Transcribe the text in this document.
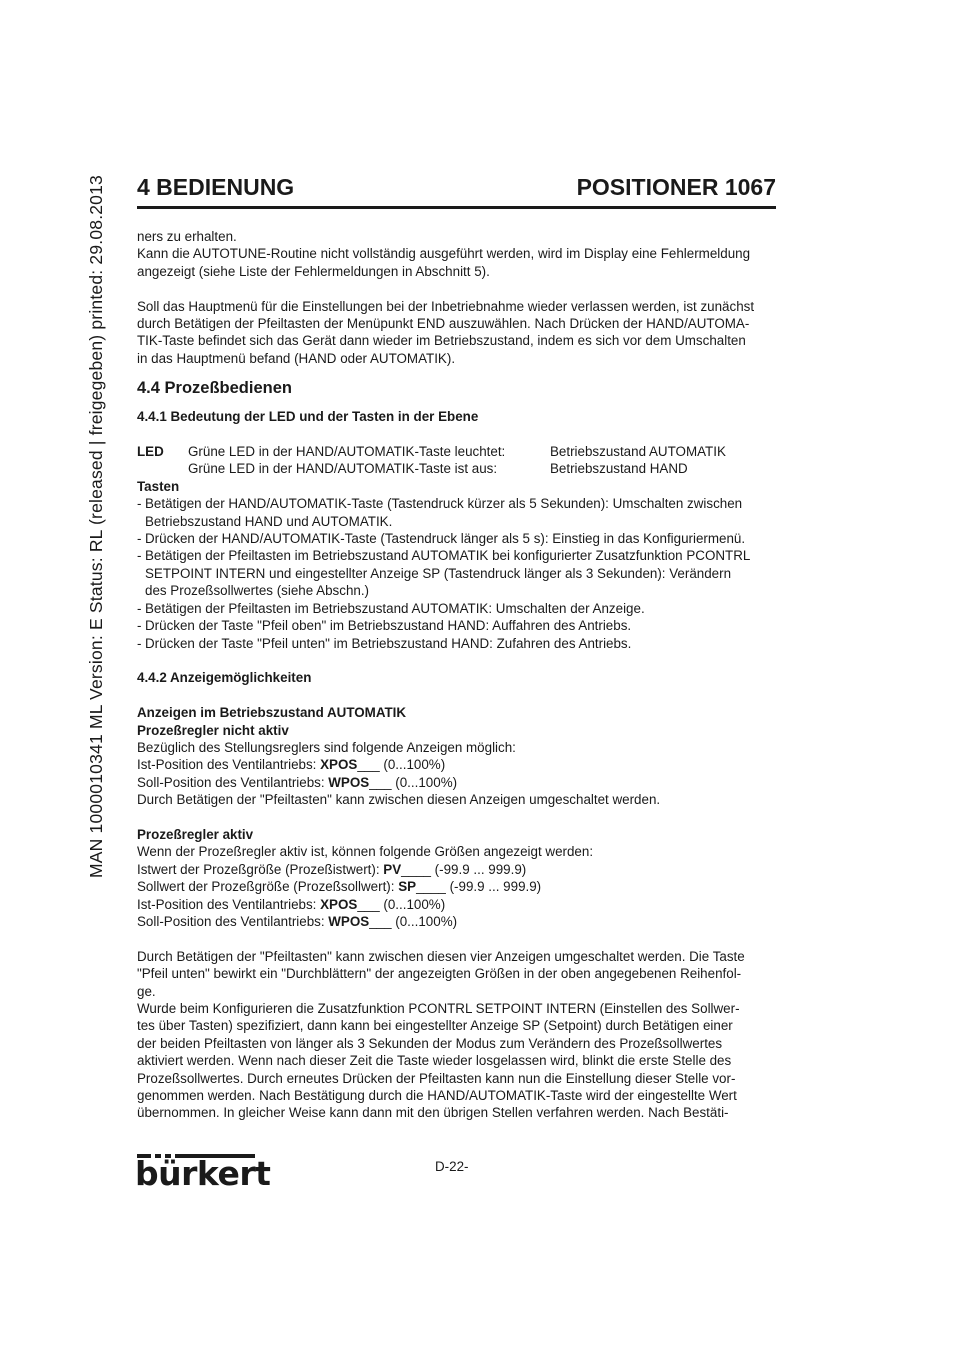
MAN 1000010341 ML Version: E Status: RL (released | freigegeben) printed: 29.08.2013 4 BEDIENUNG	POSITIONER 1067

ners zu erhalten.
Kann die AUTOTUNE-Routine nicht vollständig ausgeführt werden, wird im Display eine Fehlermeldung
angezeigt (siehe Liste der Fehlermeldungen in Abschnitt 5).

Soll das Hauptmenü für die Einstellungen bei der Inbetriebnahme wieder verlassen werden, ist zunächst
durch Betätigen der Pfeiltasten der Menüpunkt END auszuwählen. Nach Drücken der HAND/AUTOMA-
TIK-Taste befindet sich das Gerät dann wieder im Betriebszustand, indem es sich vor dem Umschalten
in das Hauptmenü befand (HAND oder AUTOMATIK).

4.4 Prozeßbedienen
4.4.1 Bedeutung der LED und der Tasten in der Ebene
LED	Grüne LED in der HAND/AUTOMATIK-Taste leuchtet:	Betriebszustand AUTOMATIK
Grüne LED in der HAND/AUTOMATIK-Taste ist aus:	Betriebszustand HAND

Tasten

- Betätigen der HAND/AUTOMATIK-Taste (Tastendruck kürzer als 5 Sekunden): Umschalten zwischen
Betriebszustand HAND und AUTOMATIK.
- Drücken der HAND/AUTOMATIK-Taste (Tastendruck länger als 5 s): Einstieg in das Konfiguriermenü.
- Betätigen der Pfeiltasten im Betriebszustand AUTOMATIK bei konfigurierter Zusatzfunktion PCONTRL
SETPOINT INTERN und eingestellter Anzeige SP (Tastendruck länger als 3 Sekunden): Verändern
des Prozeßsollwertes (siehe Abschn.)
- Betätigen der Pfeiltasten im Betriebszustand AUTOMATIK: Umschalten der Anzeige.
- Drücken der Taste "Pfeil oben" im Betriebszustand HAND: Auffahren des Antriebs.
- Drücken der Taste "Pfeil unten" im Betriebszustand HAND: Zufahren des Antriebs.
4.4.2 Anzeigemöglichkeiten

Anzeigen im Betriebszustand AUTOMATIK

Prozeßregler nicht aktiv

Bezüglich des Stellungsreglers sind folgende Anzeigen möglich:

Ist-Position des Ventilantriebs: XPOS___ (0...100%)

Soll-Position des Ventilantriebs: WPOS___ (0...100%)

Durch Betätigen der "Pfeiltasten" kann zwischen diesen Anzeigen umgeschaltet werden.

Prozeßregler aktiv

Wenn der Prozeßregler aktiv ist, können folgende Größen angezeigt werden:

Istwert der Prozeßgröße (Prozeßistwert): PV____ (-99.9 ... 999.9)

Sollwert der Prozeßgröße (Prozeßsollwert): SP____ (-99.9 ... 999.9)

Ist-Position des Ventilantriebs: XPOS___ (0...100%)

Soll-Position des Ventilantriebs: WPOS___ (0...100%)

Durch Betätigen der "Pfeiltasten" kann zwischen diesen vier Anzeigen umgeschaltet werden. Die Taste
"Pfeil unten" bewirkt ein "Durchblättern" der angezeigten Größen in der oben angegebenen Reihenfol-
ge.

Wurde beim Konfigurieren die Zusatzfunktion PCONTRL SETPOINT INTERN (Einstellen des Sollwer-
tes über Tasten) spezifiziert, dann kann bei eingestellter Anzeige SP (Setpoint) durch Betätigen einer
der beiden Pfeiltasten von länger als 3 Sekunden der Modus zum Verändern des Prozeßsollwertes
aktiviert werden. Wenn nach dieser Zeit die Taste wieder losgelassen wird, blinkt die erste Stelle des
Prozeßsollwertes. Durch erneutes Drücken der Pfeiltasten kann nun die Einstellung dieser Stelle vor-
genommen werden. Nach Bestätigung durch die HAND/AUTOMATIK-Taste wird der eingestellte Wert
übernommen. In gleicher Weise kann dann mit den übrigen Stellen verfahren werden. Nach Bestäti-

bürkert	D-22-
